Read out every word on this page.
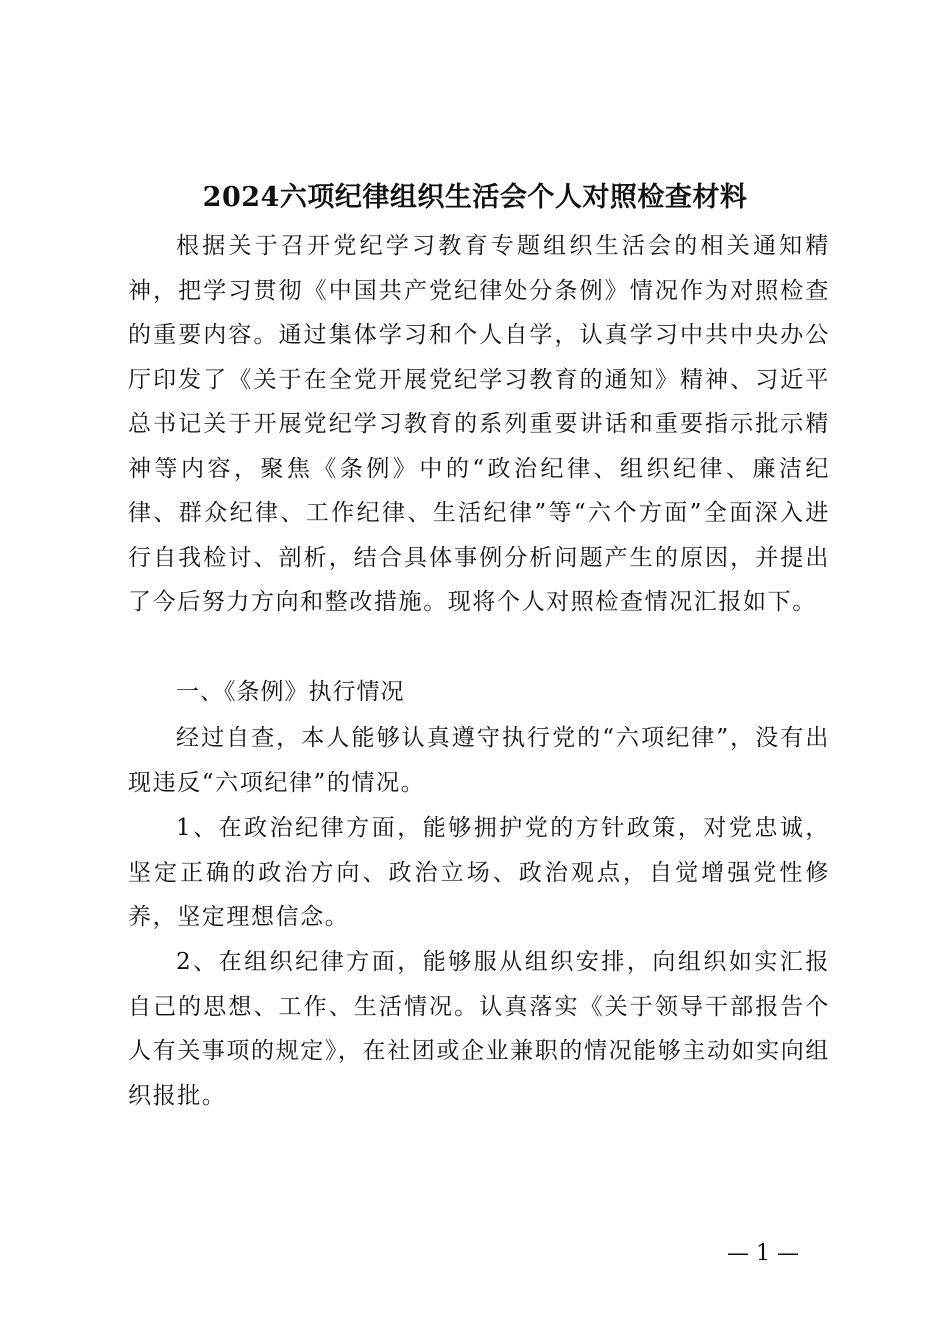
2024六项纪律组织生活会个人对照检查材料

根据关于召开党纪学习教育专题组织生活会的相关通知精神，把学习贯彻《中国共产党纪律处分条例》情况作为对照检查的重要内容。通过集体学习和个人自学，认真学习中共中央办公厅印发了《关于在全党开展党纪学习教育的通知》精神、习近平总书记关于开展党纪学习教育的系列重要讲话和重要指示批示精神等内容，聚焦《条例》中的“政治纪律、组织纪律、廉洁纪律、群众纪律、工作纪律、生活纪律”等“六个方面”全面深入进行自我检讨、剖析，结合具体事例分析问题产生的原因，并提出了今后努力方向和整改措施。现将个人对照检查情况汇报如下。

一、《条例》执行情况

经过自查，本人能够认真遵守执行党的“六项纪律”，没有出现违反“六项纪律”的情况。

1、在政治纪律方面，能够拥护党的方针政策，对党忠诚，坚定正确的政治方向、政治立场、政治观点，自觉增强党性修养，坚定理想信念。

2、在组织纪律方面，能够服从组织安排，向组织如实汇报自己的思想、工作、生活情况。认真落实《关于领导干部报告个人有关事项的规定》，在社团或企业兼职的情况能够主动如实向组织报批。

— 1 —
